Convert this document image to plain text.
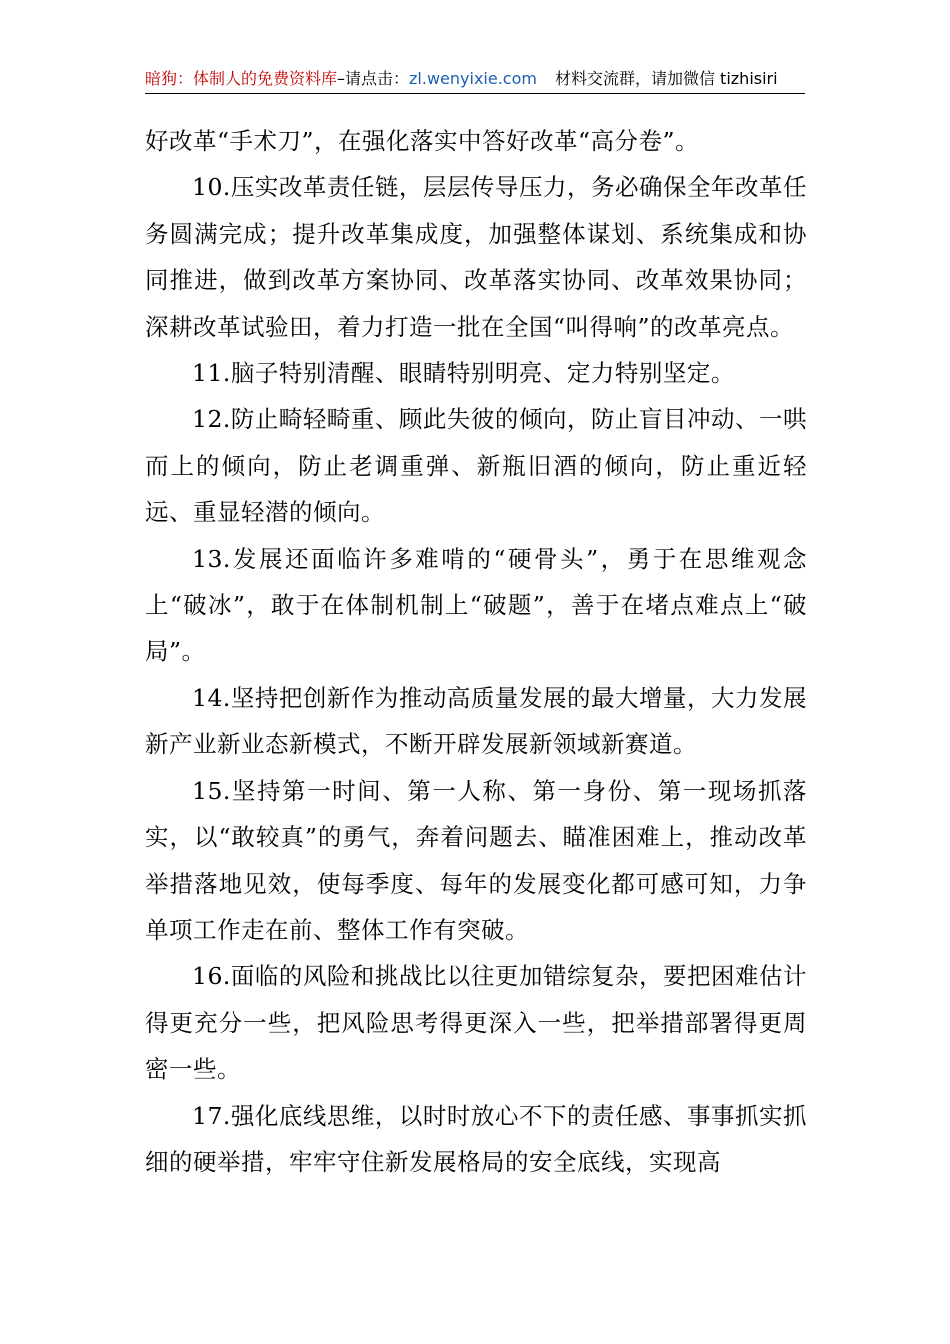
暗狗：体制人的免费资料库–请点击：zl.wenyixie.com 材料交流群，请加微信 tizhisiri

好改革“手术刀”，在强化落实中答好改革“高分卷”。

10.压实改革责任链，层层传导压力，务必确保全年改革任务圆满完成；提升改革集成度，加强整体谋划、系统集成和协同推进，做到改革方案协同、改革落实协同、改革效果协同；深耕改革试验田，着力打造一批在全国“叫得响”的改革亮点。

11.脑子特别清醒、眼睛特别明亮、定力特别坚定。

12.防止畸轻畸重、顾此失彼的倾向，防止盲目冲动、一哄而上的倾向，防止老调重弹、新瓶旧酒的倾向，防止重近轻远、重显轻潜的倾向。

13.发展还面临许多难啃的“硬骨头”，勇于在思维观念上“破冰”，敢于在体制机制上“破题”，善于在堵点难点上“破局”。

14.坚持把创新作为推动高质量发展的最大增量，大力发展新产业新业态新模式，不断开辟发展新领域新赛道。

15.坚持第一时间、第一人称、第一身份、第一现场抓落实，以“敢较真”的勇气，奔着问题去、瞄准困难上，推动改革举措落地见效，使每季度、每年的发展变化都可感可知，力争单项工作走在前、整体工作有突破。

16.面临的风险和挑战比以往更加错综复杂，要把困难估计得更充分一些，把风险思考得更深入一些，把举措部署得更周密一些。

17.强化底线思维，以时时放心不下的责任感、事事抓实抓细的硬举措，牢牢守住新发展格局的安全底线，实现高
